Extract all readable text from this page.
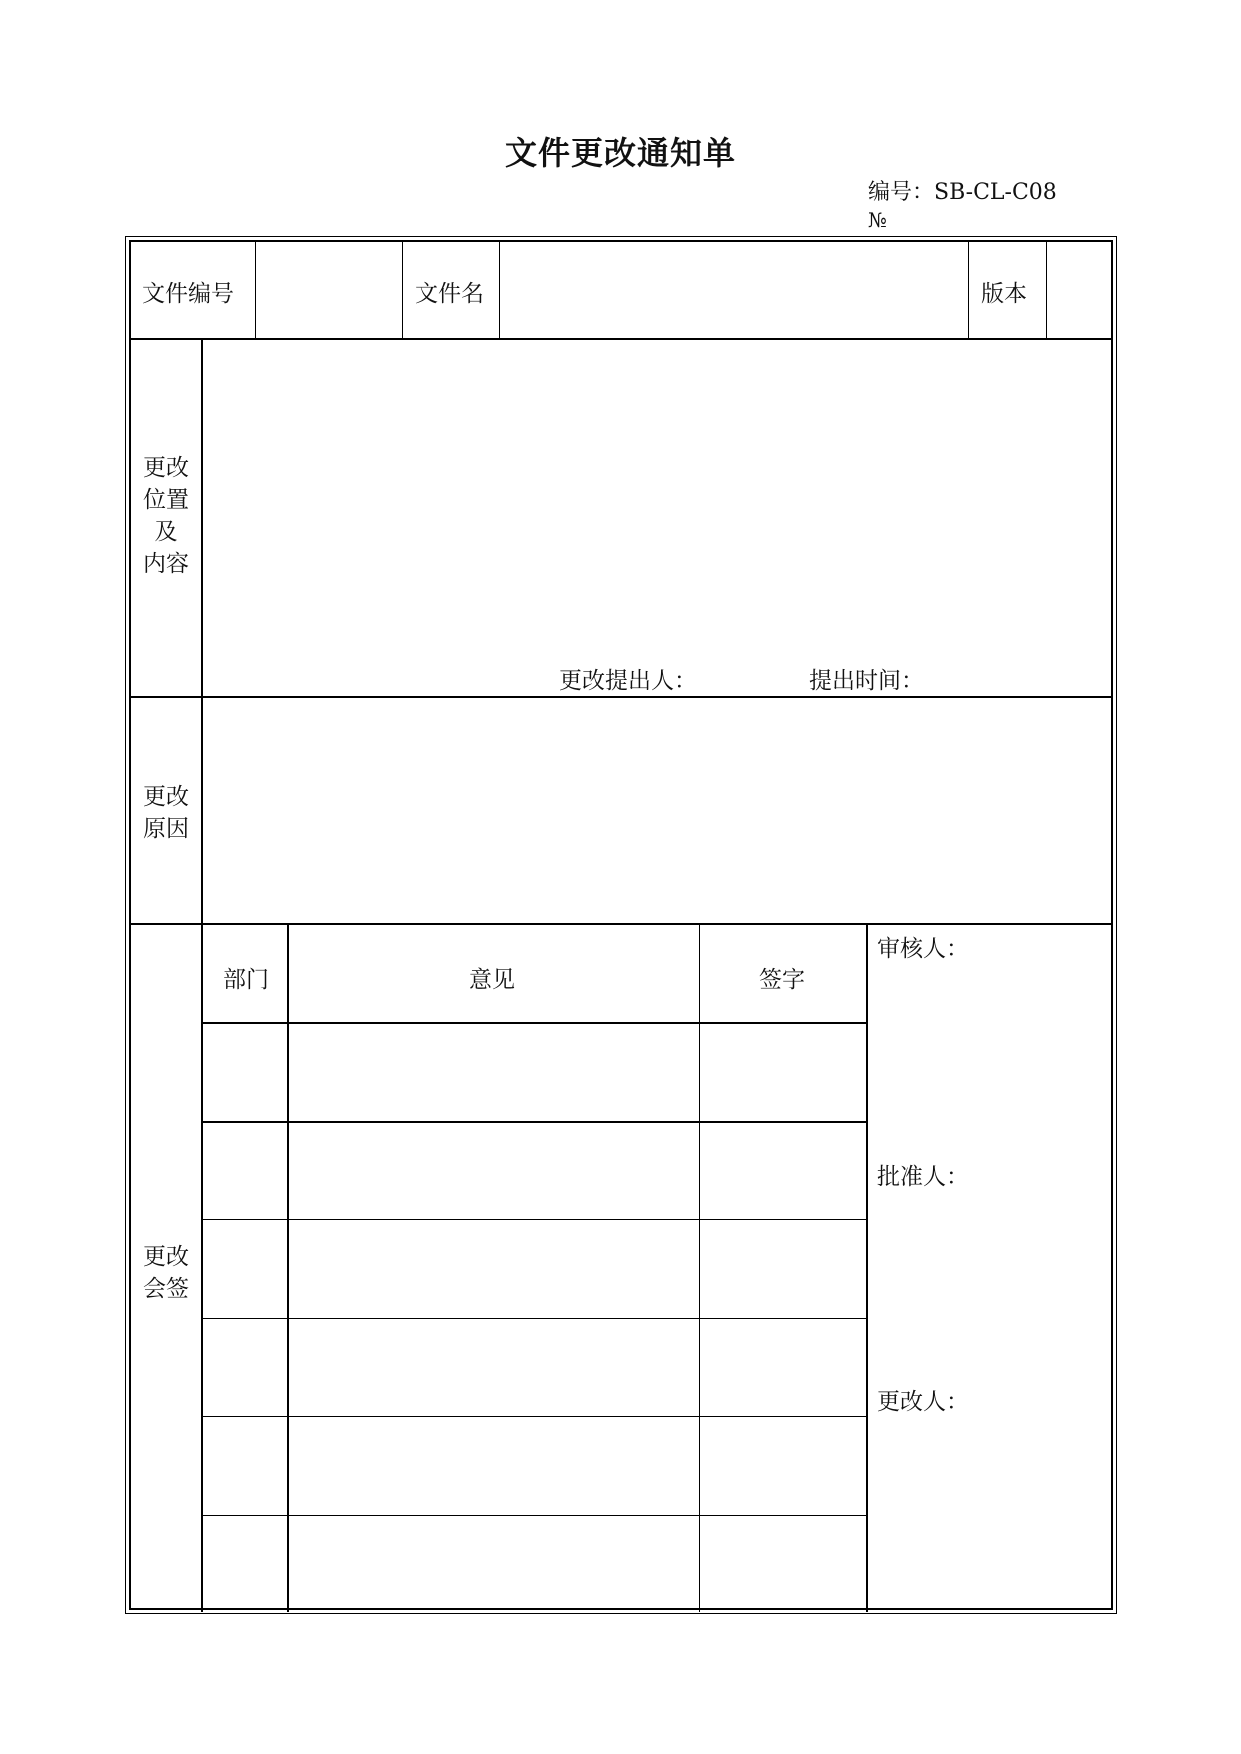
文件更改通知单
编号：SB-CL-C08
№
文件编号	文件名	版本
更改
位置
及
内容
更改提出人：	提出时间：
更改
原因
更改
会签
部门	意见	签字
审核人：
批准人：
更改人：
